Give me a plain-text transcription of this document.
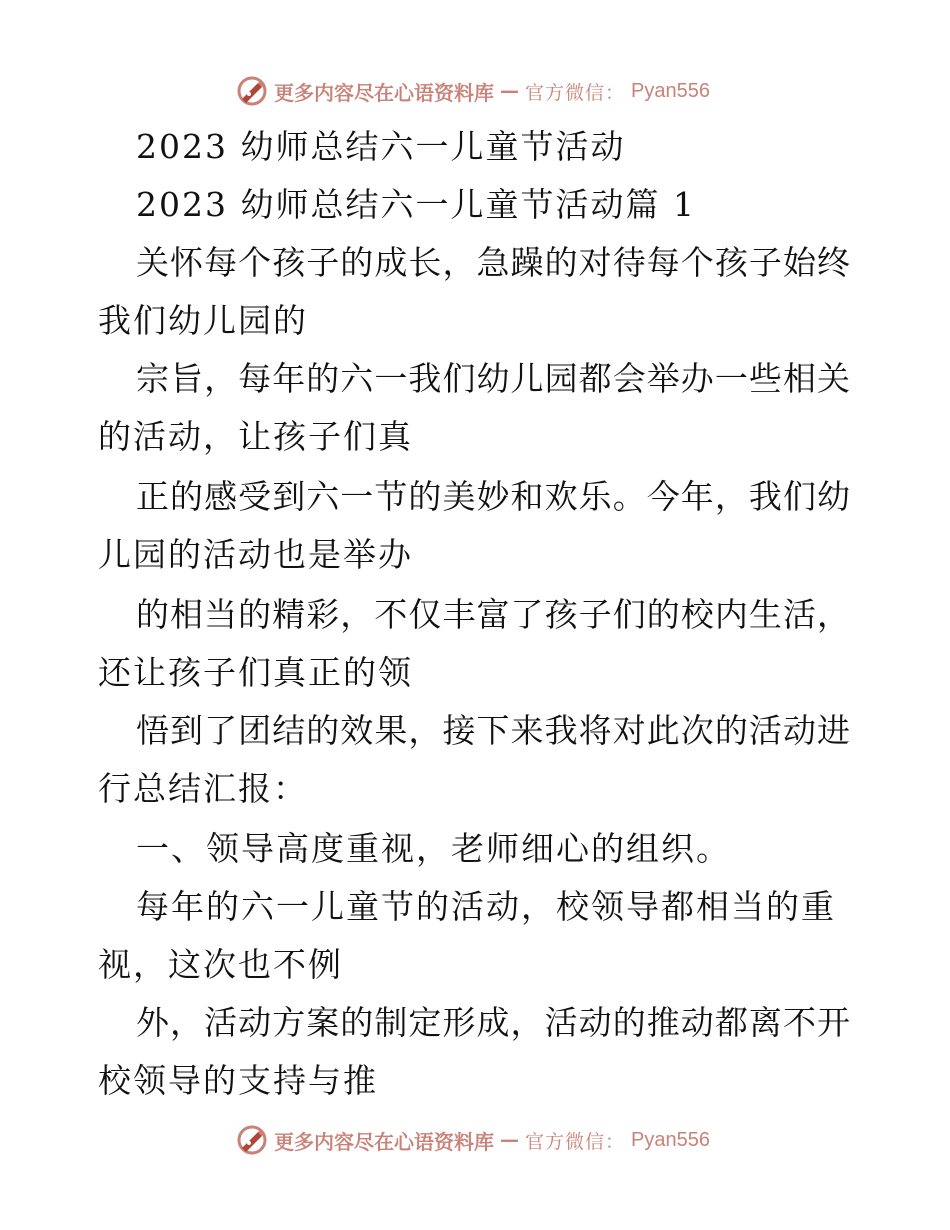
更多内容尽在心语资料库 — 官方微信： Pyan556
2023 幼师总结六一儿童节活动
2023 幼师总结六一儿童节活动篇 1
关怀每个孩子的成长，急躁的对待每个孩子始终
我们幼儿园的
宗旨，每年的六一我们幼儿园都会举办一些相关
的活动，让孩子们真
正的感受到六一节的美妙和欢乐。今年，我们幼
儿园的活动也是举办
的相当的精彩，不仅丰富了孩子们的校内生活，
还让孩子们真正的领
悟到了团结的效果，接下来我将对此次的活动进
行总结汇报：
一、领导高度重视，老师细心的组织。
每年的六一儿童节的活动，校领导都相当的重
视，这次也不例
外，活动方案的制定形成，活动的推动都离不开
校领导的支持与推
更多内容尽在心语资料库 — 官方微信： Pyan556
